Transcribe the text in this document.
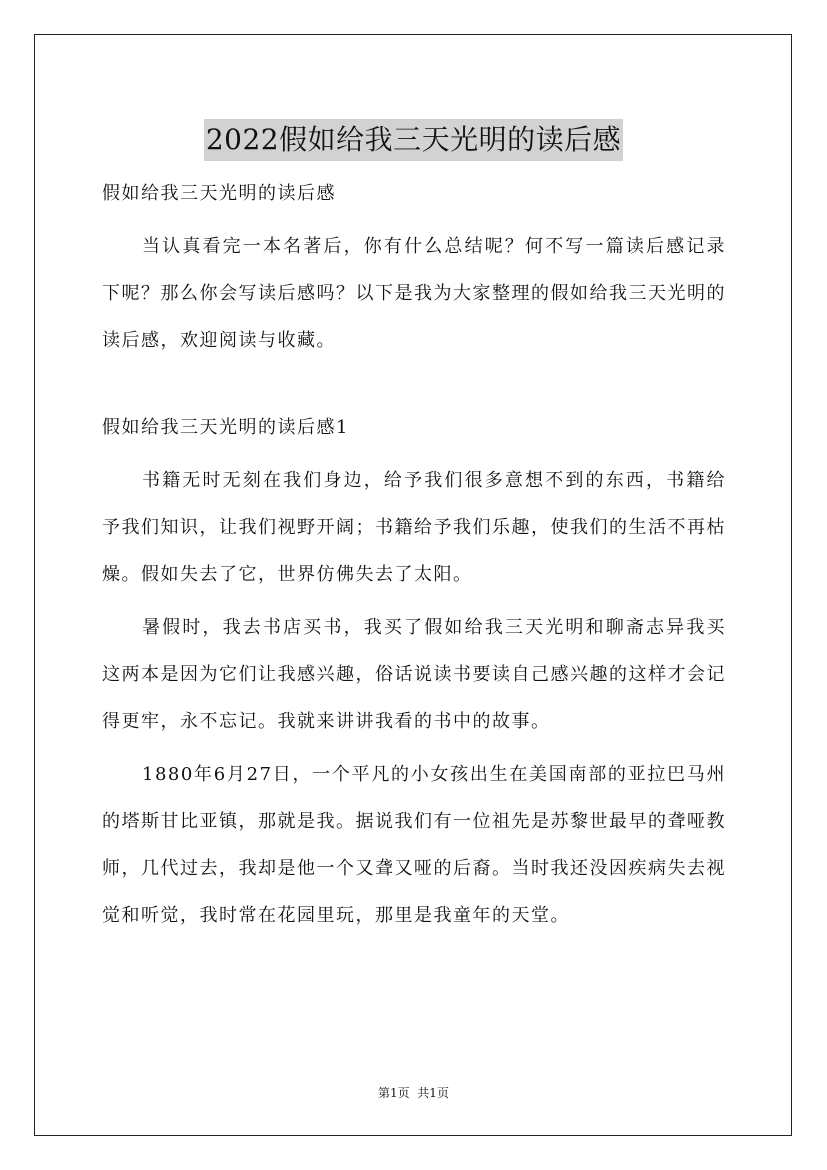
2022假如给我三天光明的读后感

假如给我三天光明的读后感

当认真看完一本名著后，你有什么总结呢？何不写一篇读后感记录下呢？那么你会写读后感吗？以下是我为大家整理的假如给我三天光明的读后感，欢迎阅读与收藏。

假如给我三天光明的读后感1

书籍无时无刻在我们身边，给予我们很多意想不到的东西，书籍给予我们知识，让我们视野开阔；书籍给予我们乐趣，使我们的生活不再枯燥。假如失去了它，世界仿佛失去了太阳。

暑假时，我去书店买书，我买了假如给我三天光明和聊斋志异我买这两本是因为它们让我感兴趣，俗话说读书要读自己感兴趣的这样才会记得更牢，永不忘记。我就来讲讲我看的书中的故事。

1880年6月27日，一个平凡的小女孩出生在美国南部的亚拉巴马州的塔斯甘比亚镇，那就是我。据说我们有一位祖先是苏黎世最早的聋哑教师，几代过去，我却是他一个又聋又哑的后裔。当时我还没因疾病失去视觉和听觉，我时常在花园里玩，那里是我童年的天堂。

第1页  共1页
